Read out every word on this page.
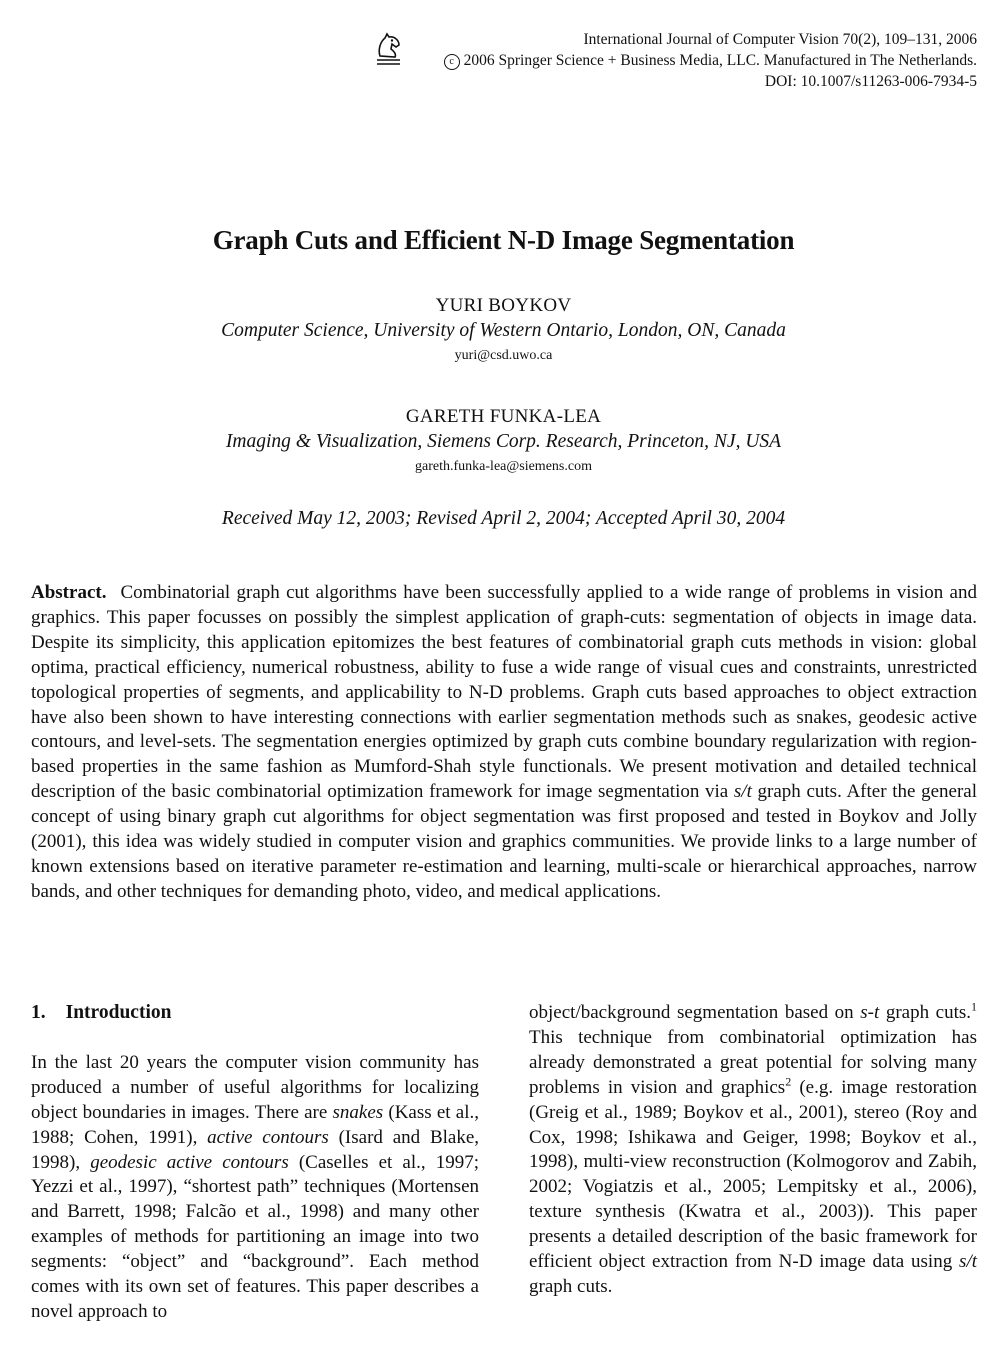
International Journal of Computer Vision 70(2), 109–131, 2006
c 2006 Springer Science + Business Media, LLC. Manufactured in The Netherlands.
DOI: 10.1007/s11263-006-7934-5
Graph Cuts and Efficient N-D Image Segmentation
YURI BOYKOV
Computer Science, University of Western Ontario, London, ON, Canada
yuri@csd.uwo.ca
GARETH FUNKA-LEA
Imaging & Visualization, Siemens Corp. Research, Princeton, NJ, USA
gareth.funka-lea@siemens.com
Received May 12, 2003; Revised April 2, 2004; Accepted April 30, 2004
Abstract. Combinatorial graph cut algorithms have been successfully applied to a wide range of problems in vision and graphics. This paper focusses on possibly the simplest application of graph-cuts: segmentation of objects in image data. Despite its simplicity, this application epitomizes the best features of combinatorial graph cuts methods in vision: global optima, practical efficiency, numerical robustness, ability to fuse a wide range of visual cues and constraints, unrestricted topological properties of segments, and applicability to N-D problems. Graph cuts based approaches to object extraction have also been shown to have interesting connections with earlier segmentation methods such as snakes, geodesic active contours, and level-sets. The segmentation energies optimized by graph cuts combine boundary regularization with region-based properties in the same fashion as Mumford-Shah style functionals. We present motivation and detailed technical description of the basic combinatorial optimization framework for image segmentation via s/t graph cuts. After the general concept of using binary graph cut algorithms for object segmentation was first proposed and tested in Boykov and Jolly (2001), this idea was widely studied in computer vision and graphics communities. We provide links to a large number of known extensions based on iterative parameter re-estimation and learning, multi-scale or hierarchical approaches, narrow bands, and other techniques for demanding photo, video, and medical applications.
1. Introduction

In the last 20 years the computer vision community has produced a number of useful algorithms for localizing object boundaries in images. There are snakes (Kass et al., 1988; Cohen, 1991), active contours (Isard and Blake, 1998), geodesic active contours (Caselles et al., 1997; Yezzi et al., 1997), “shortest path” techniques (Mortensen and Barrett, 1998; Falcão et al., 1998) and many other examples of methods for partitioning an image into two segments: “object” and “background”. Each method comes with its own set of features. This paper describes a novel approach to

object/background segmentation based on s-t graph cuts.$^1$ This technique from combinatorial optimization has already demonstrated a great potential for solving many problems in vision and graphics$^2$ (e.g. image restoration (Greig et al., 1989; Boykov et al., 2001), stereo (Roy and Cox, 1998; Ishikawa and Geiger, 1998; Boykov et al., 1998), multi-view reconstruction (Kolmogorov and Zabih, 2002; Vogiatzis et al., 2005; Lempitsky et al., 2006), texture synthesis (Kwatra et al., 2003)). This paper presents a detailed description of the basic framework for efficient object extraction from N-D image data using s/t graph cuts.
